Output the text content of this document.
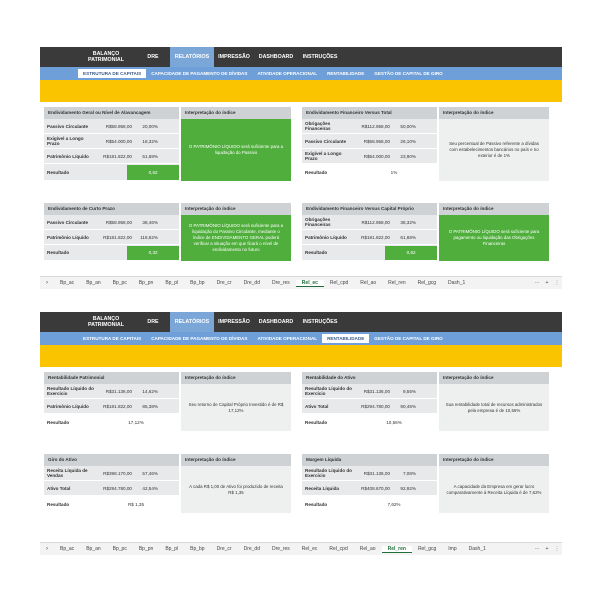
BALANÇO PATRIMONIAL	DRE	RELATÓRIOS	IMPRESSÃO	DASHBOARD	INSTRUÇÕES
ESTRUTURA DE CAPITAIS	CAPACIDADE DE PAGAMENTO DE DÍVIDAS	ATIVIDADE OPERACIONAL	RENTABILIDADE	GESTÃO DE CAPITAL DE GIRO
Endividamento Geral ou Nível de Alavancagem
Passivo Circulante	R$58.958,00	20,00%
Exigível a Longo Prazo	R$54.000,00	18,32%
Patrimônio Líquido	R$181.822,00	61,68%
Resultado	0,62
Interpretação do índice
O PATRIMÔNIO LÍQUIDO será suficiente para a liquidação do Passivo
Endividamento Financeiro Versus Total
Obrigações Financeiras	R$112.958,00	50,00%
Passivo Circulante	R$58.958,00	26,10%
Exigível a Longo Prazo	R$54.000,00	23,90%
Resultado	1%
Interpretação do índice
Seu percentual de Passivo referente a dívidas com estabelecimentos bancários no país e no exterior é de 1%
Endividamento de Curto Prazo
Passivo Circulante	R$58.958,00	38,46%
Patrimônio Líquido	R$181.822,00	118,62%
Resultado	0,32
Interpretação do índice
O PATRIMÔNIO LÍQUIDO será suficiente para a liquidação do Passivo Circulante, mediante o índice de ENDIVIDAMENTO GERAL poderá verificar a situação em que ficará o nível de endividamento no futuro
Endividamento Financeiro Versus Capital Próprio
Obrigações Financeiras	R$112.958,00	38,32%
Patrimônio Líquido	R$181.822,00	61,68%
Resultado	0,62
Interpretação do índice
O PATRIMÔNIO LÍQUIDO será suficiente para pagamento ou liquidação das Obrigações Financeiras
›	Bp_ac	Bp_an	Bp_pc	Bp_pn	Bp_pl	Bp_bp	Dre_cr	Dre_dd	Dre_res	Rel_ec	Rel_cpd	Rel_ao	Rel_ren	Rel_gcg	Dash_1	···	+	⋮
BALANÇO PATRIMONIAL	DRE	RELATÓRIOS	IMPRESSÃO	DASHBOARD	INSTRUÇÕES
ESTRUTURA DE CAPITAIS	CAPACIDADE DE PAGAMENTO DE DÍVIDAS	ATIVIDADE OPERACIONAL	RENTABILIDADE	GESTÃO DE CAPITAL DE GIRO
Rentabilidade Patrimonial
Resultado Líquido do Exercício	R$31.136,00	14,62%
Patrimônio Líquido	R$181.822,00	85,38%
Resultado	17,12%
Interpretação do índice
Seu retorno de Capital Próprio Investido é de R$ 17,12%
Rentabilidade do Ativo
Resultado Líquido do Exercício	R$31.136,00	9,55%
Ativo Total	R$294.780,00	90,45%
Resultado	10,56%
Interpretação do índice
Sua rentabilidade total de recursos administrados pela empresa é de 10,56%
Giro do Ativo
Receita Líquida de Vendas	R$398.170,00	57,46%
Ativo Total	R$294.780,00	42,54%
Resultado	R$ 1,35
Interpretação do índice
A cada R$ 1,00 de Ativo foi produzido de receita R$ 1,35
Margem Líquida
Resultado Líquido do Exercício	R$31.136,00	7,08%
Receita Líquida	R$408.670,00	92,92%
Resultado	7,62%
Interpretação do índice
A capacidade da Empresa em gerar lucro comparativamente à Receita Líquida é de 7,62%
›	Bp_ac	Bp_an	Bp_pc	Bp_pn	Bp_pl	Bp_bp	Dre_cr	Dre_dd	Dre_res	Rel_ec	Rel_cpd	Rel_ao	Rel_ren	Rel_gcg	Imp	Dash_1	···	+	⋮
